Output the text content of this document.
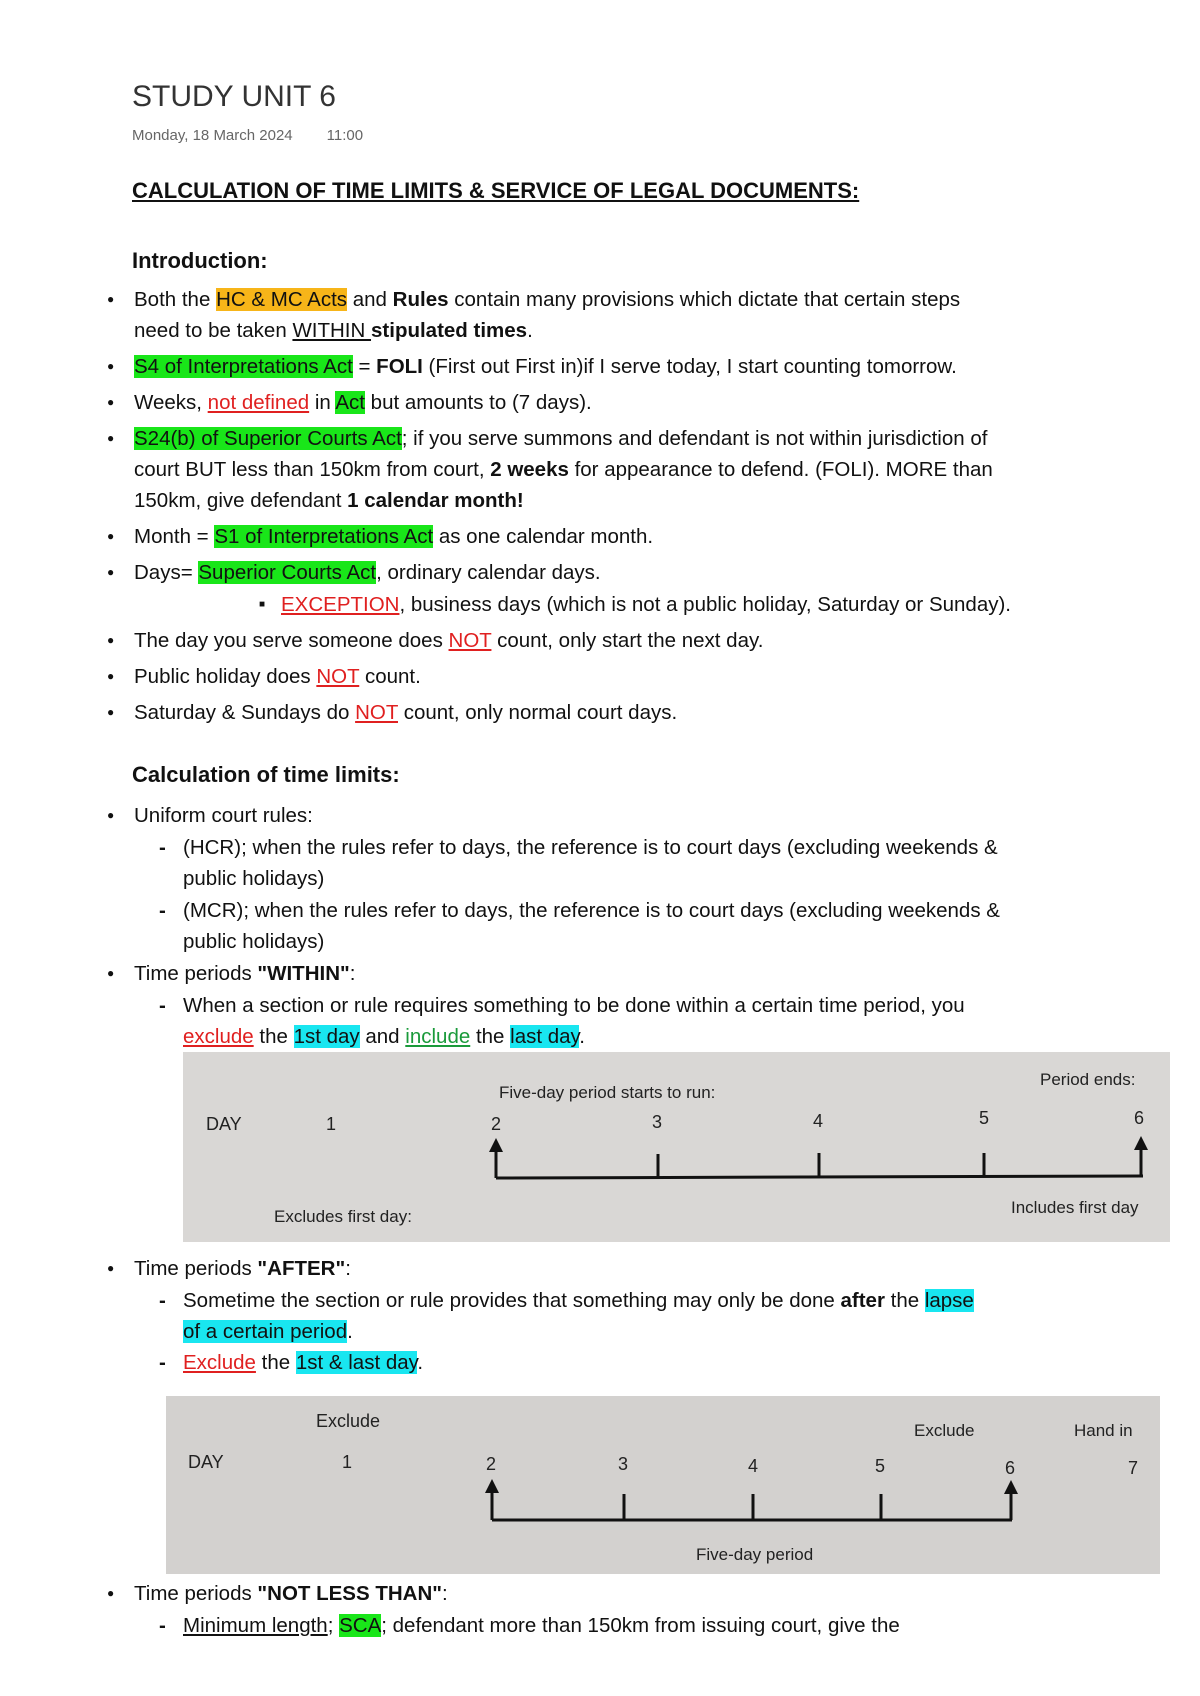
STUDY UNIT 6
Monday, 18 March 2024 11:00
CALCULATION OF TIME LIMITS & SERVICE OF LEGAL DOCUMENTS:
Introduction:
● Both the HC & MC Acts and Rules contain many provisions which dictate that certain steps
need to be taken WITHIN stipulated times.
● S4 of Interpretations Act = FOLI (First out First in)if I serve today, I start counting tomorrow.
● Weeks, not defined in Act but amounts to (7 days).
● S24(b) of Superior Courts Act; if you serve summons and defendant is not within jurisdiction of
court BUT less than 150km from court, 2 weeks for appearance to defend. (FOLI). MORE than
150km, give defendant 1 calendar month!
● Month = S1 of Interpretations Act as one calendar month.
● Days= Superior Courts Act, ordinary calendar days.
■ EXCEPTION, business days (which is not a public holiday, Saturday or Sunday).
● The day you serve someone does NOT count, only start the next day.
● Public holiday does NOT count.
● Saturday & Sundays do NOT count, only normal court days.
Calculation of time limits:
● Uniform court rules:
- (HCR); when the rules refer to days, the reference is to court days (excluding weekends &
public holidays)
- (MCR); when the rules refer to days, the reference is to court days (excluding weekends &
public holidays)
● Time periods "WITHIN":
- When a section or rule requires something to be done within a certain time period, you
exclude the 1st day and include the last day.
DAY
Five-day period starts to run:
Period ends:
1	2	3	4	5	6
Excludes first day:	Includes first day
● Time periods "AFTER":
- Sometime the section or rule provides that something may only be done after the lapse
of a certain period.
- Exclude the 1st & last day.
Exclude	Exclude	Hand in
DAY	1	2	3	4	5	6	7
Five-day period
● Time periods "NOT LESS THAN":
- Minimum length; SCA; defendant more than 150km from issuing court, give the
